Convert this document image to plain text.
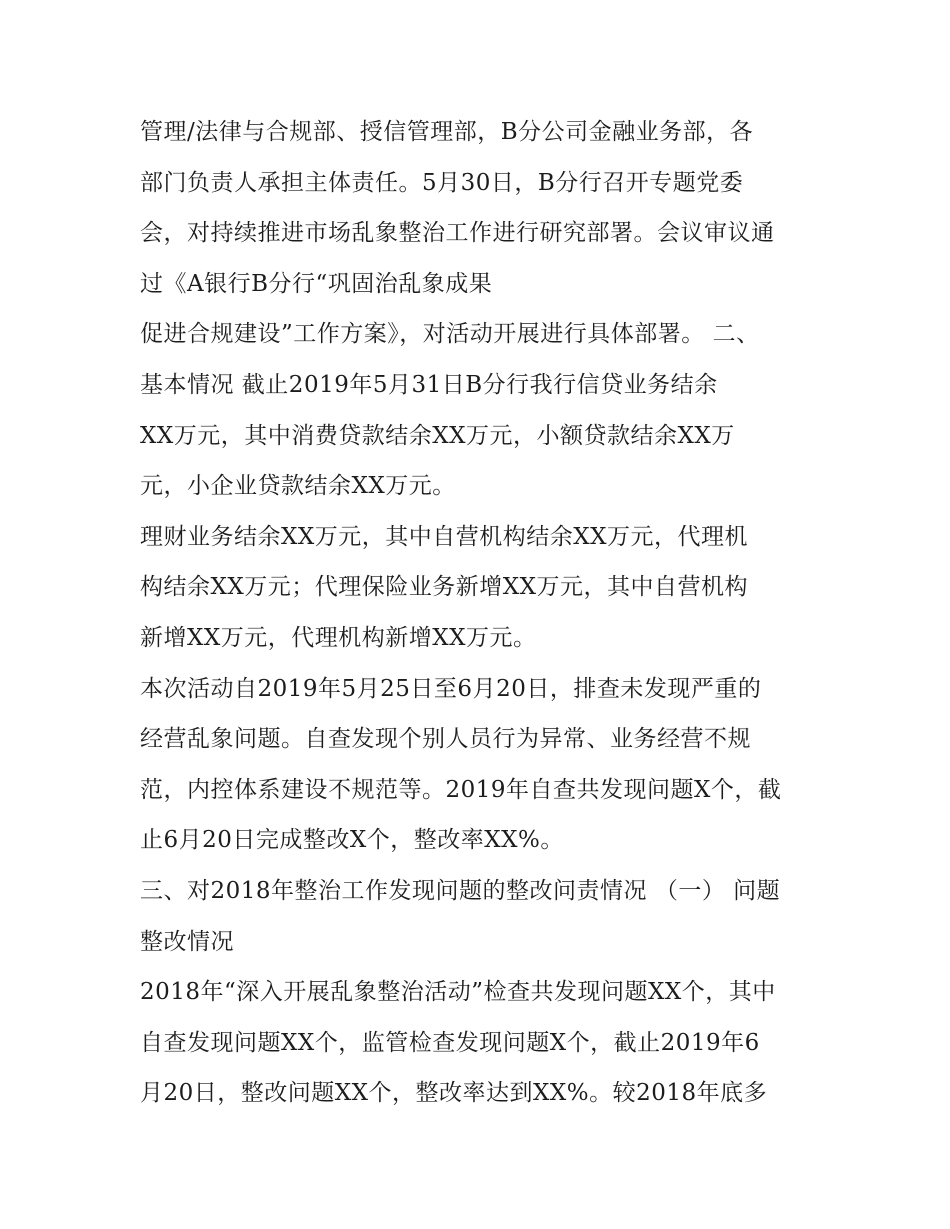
管理/法律与合规部、授信管理部，B分公司金融业务部，各
部门负责人承担主体责任。5月30日，B分行召开专题党委
会，对持续推进市场乱象整治工作进行研究部署。会议审议通
过《A银行B分行“巩固治乱象成果
促进合规建设”工作方案》，对活动开展进行具体部署。 二、
基本情况 截止2019年5月31日B分行我行信贷业务结余
XX万元，其中消费贷款结余XX万元，小额贷款结余XX万
元，小企业贷款结余XX万元。
理财业务结余XX万元，其中自营机构结余XX万元，代理机
构结余XX万元；代理保险业务新增XX万元，其中自营机构
新增XX万元，代理机构新增XX万元。
本次活动自2019年5月25日至6月20日，排查未发现严重的
经营乱象问题。自查发现个别人员行为异常、业务经营不规
范，内控体系建设不规范等。2019年自查共发现问题X个，截
止6月20日完成整改X个，整改率XX%。
三、对2018年整治工作发现问题的整改问责情况 （一） 问题
整改情况
2018年“深入开展乱象整治活动”检查共发现问题XX个，其中
自查发现问题XX个，监管检查发现问题X个，截止2019年6
月20日，整改问题XX个，整改率达到XX%。较2018年底多
